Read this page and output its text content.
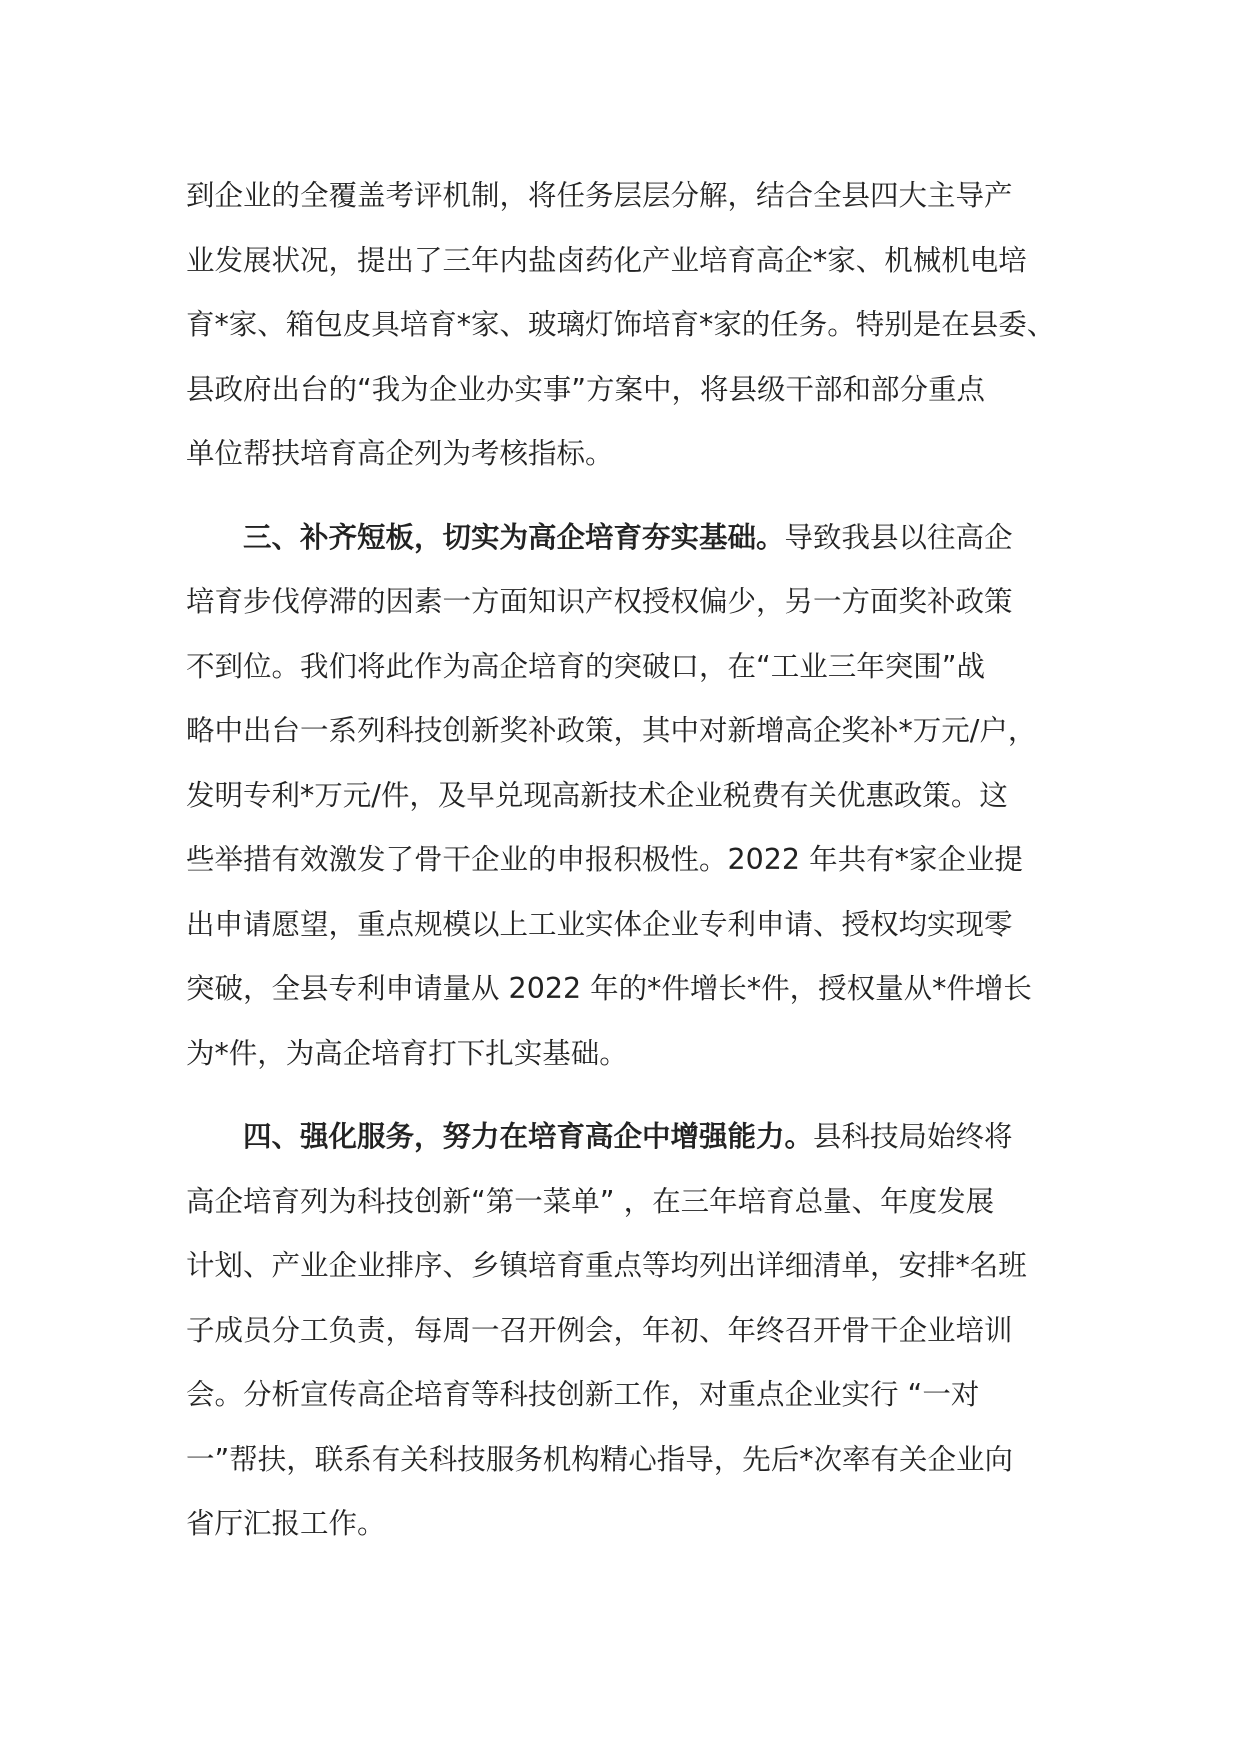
到企业的全覆盖考评机制，将任务层层分解，结合全县四大主导产
业发展状况，提出了三年内盐卤药化产业培育高企*家、机械机电培
育*家、箱包皮具培育*家、玻璃灯饰培育*家的任务。特别是在县委、
县政府出台的“我为企业办实事”方案中，将县级干部和部分重点
单位帮扶培育高企列为考核指标。
三、补齐短板，切实为高企培育夯实基础。导致我县以往高企
培育步伐停滞的因素一方面知识产权授权偏少，另一方面奖补政策
不到位。我们将此作为高企培育的突破口，在“工业三年突围”战
略中出台一系列科技创新奖补政策，其中对新增高企奖补*万元/户，
发明专利*万元/件，及早兑现高新技术企业税费有关优惠政策。这
些举措有效激发了骨干企业的申报积极性。2022 年共有*家企业提
出申请愿望，重点规模以上工业实体企业专利申请、授权均实现零
突破，全县专利申请量从 2022 年的*件增长*件，授权量从*件增长
为*件，为高企培育打下扎实基础。
四、强化服务，努力在培育高企中增强能力。县科技局始终将
高企培育列为科技创新“第一菜单” ，在三年培育总量、年度发展
计划、产业企业排序、乡镇培育重点等均列出详细清单，安排*名班
子成员分工负责，每周一召开例会，年初、年终召开骨干企业培训
会。分析宣传高企培育等科技创新工作，对重点企业实行 “一对
一”帮扶，联系有关科技服务机构精心指导，先后*次率有关企业向
省厅汇报工作。
